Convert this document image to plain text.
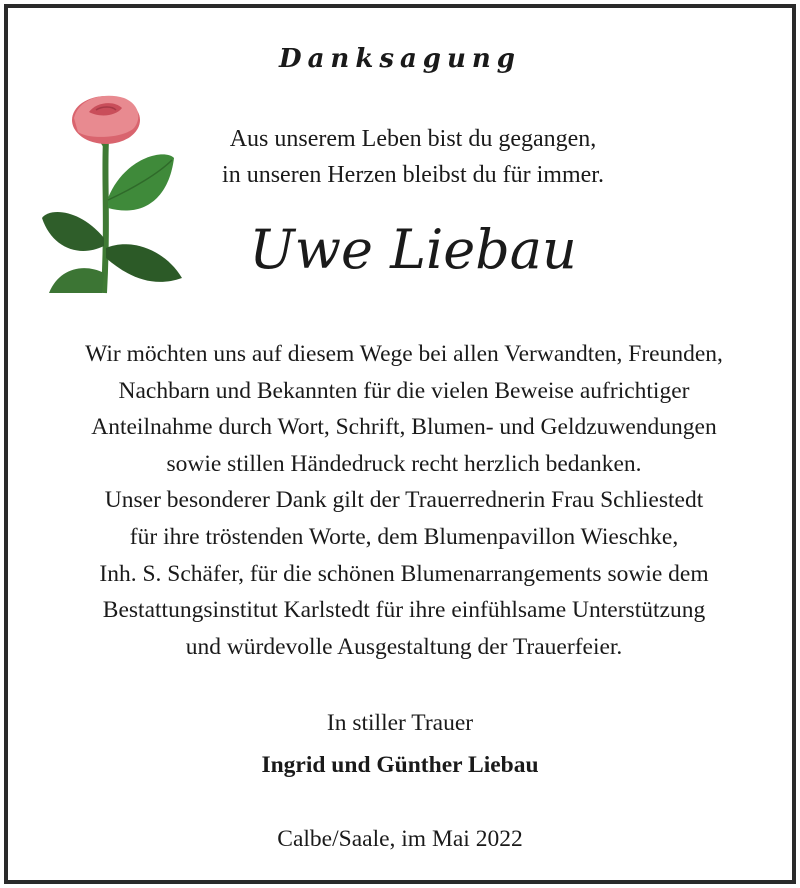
Danksagung
Aus unserem Leben bist du gegangen,
in unseren Herzen bleibst du für immer.
Uwe Liebau
Wir möchten uns auf diesem Wege bei allen Verwandten, Freunden,
Nachbarn und Bekannten für die vielen Beweise aufrichtiger
Anteilnahme durch Wort, Schrift, Blumen- und Geldzuwendungen
sowie stillen Händedruck recht herzlich bedanken.
Unser besonderer Dank gilt der Trauerrednerin Frau Schliestedt
für ihre tröstenden Worte, dem Blumenpavillon Wieschke,
Inh. S. Schäfer, für die schönen Blumenarrangements sowie dem
Bestattungsinstitut Karlstedt für ihre einfühlsame Unterstützung
und würdevolle Ausgestaltung der Trauerfeier.
In stiller Trauer
Ingrid und Günther Liebau
Calbe/Saale, im Mai 2022
